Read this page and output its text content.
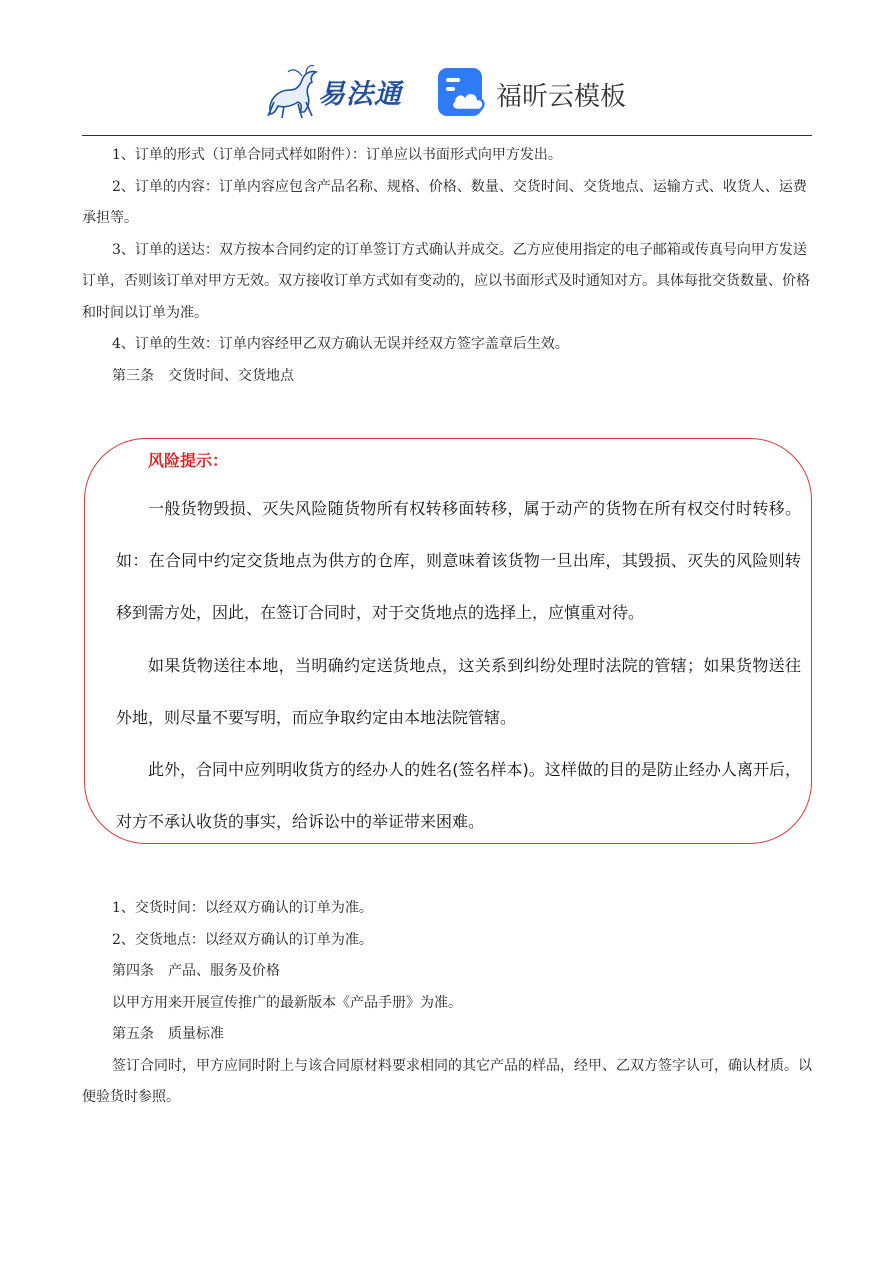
易法通	福昕云模板

1、订单的形式（订单合同式样如附件）：订单应以书面形式向甲方发出。

2、订单的内容：订单内容应包含产品名称、规格、价格、数量、交货时间、交货地点、运输方式、收货人、运费承担等。

3、订单的送达：双方按本合同约定的订单签订方式确认并成交。乙方应使用指定的电子邮箱或传真号向甲方发送订单，否则该订单对甲方无效。双方接收订单方式如有变动的，应以书面形式及时通知对方。具体每批交货数量、价格和时间以订单为准。

4、订单的生效：订单内容经甲乙双方确认无误并经双方签字盖章后生效。

第三条　交货时间、交货地点

风险提示：

一般货物毁损、灭失风险随货物所有权转移面转移，属于动产的货物在所有权交付时转移。如：在合同中约定交货地点为供方的仓库，则意味着该货物一旦出库，其毁损、灭失的风险则转移到需方处，因此，在签订合同时，对于交货地点的选择上，应慎重对待。

如果货物送往本地，当明确约定送货地点，这关系到纠纷处理时法院的管辖；如果货物送往外地，则尽量不要写明，而应争取约定由本地法院管辖。

此外，合同中应列明收货方的经办人的姓名(签名样本)。这样做的目的是防止经办人离开后，对方不承认收货的事实，给诉讼中的举证带来困难。

1、交货时间：以经双方确认的订单为准。

2、交货地点：以经双方确认的订单为准。

第四条　产品、服务及价格

以甲方用来开展宣传推广的最新版本《产品手册》为准。

第五条　质量标准

签订合同时，甲方应同时附上与该合同原材料要求相同的其它产品的样品，经甲、乙双方签字认可，确认材质。以便验货时参照。
